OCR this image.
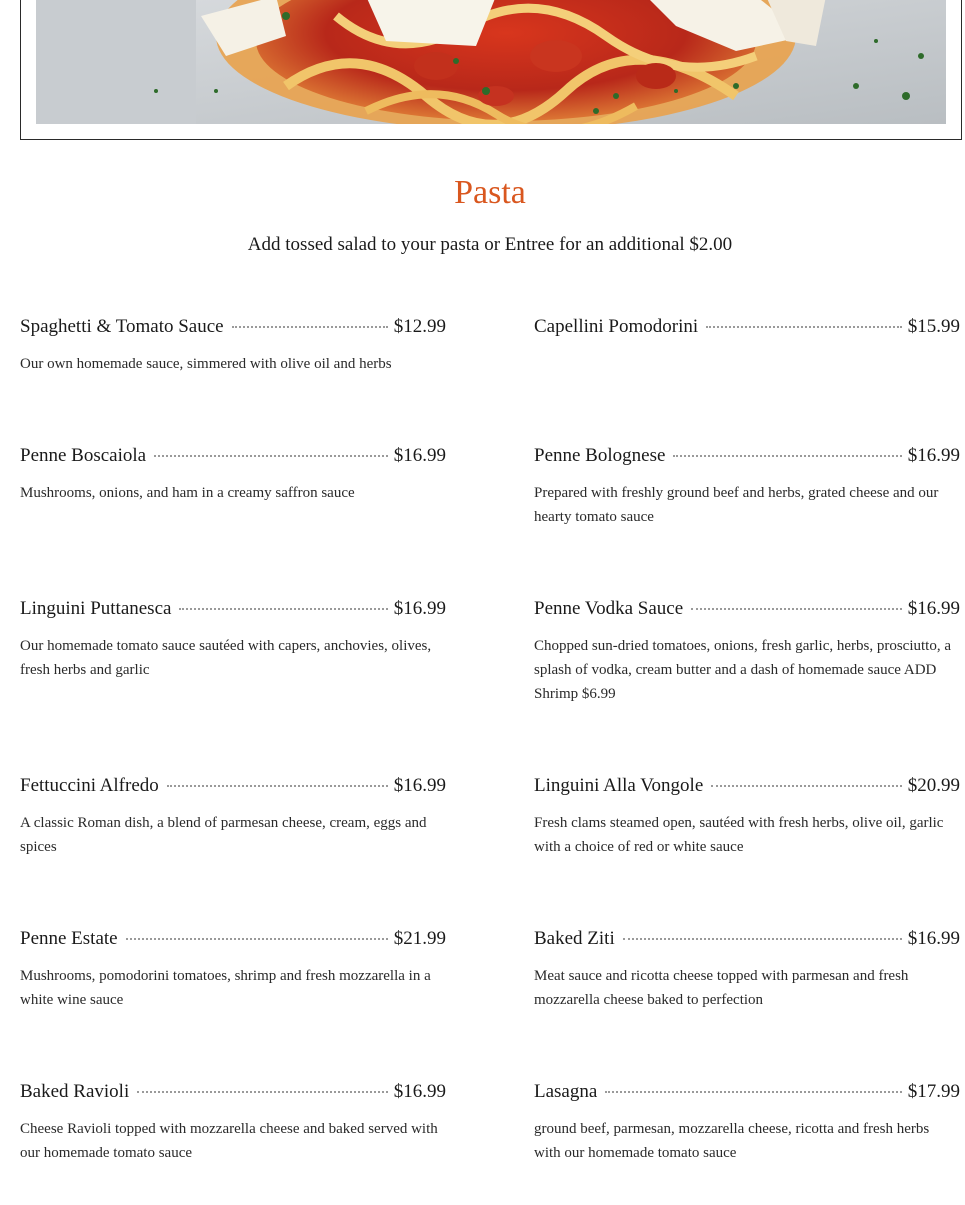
Pasta

Add tossed salad to your pasta or Entree for an additional $2.00

Spaghetti & Tomato Sauce	$12.99

Our own homemade sauce, simmered with olive oil and herbs

Capellini Pomodorini	$15.99

Penne Boscaiola	$16.99

Mushrooms, onions, and ham in a creamy saffron sauce

Penne Bolognese	$16.99

Prepared with freshly ground beef and herbs, grated cheese and our hearty tomato sauce

Linguini Puttanesca	$16.99

Our homemade tomato sauce sautéed with capers, anchovies, olives, fresh herbs and garlic

Penne Vodka Sauce	$16.99

Chopped sun-dried tomatoes, onions, fresh garlic, herbs, prosciutto, a splash of vodka, cream butter and a dash of homemade sauce ADD Shrimp $6.99

Fettuccini Alfredo	$16.99

A classic Roman dish, a blend of parmesan cheese, cream, eggs and spices

Linguini Alla Vongole	$20.99

Fresh clams steamed open, sautéed with fresh herbs, olive oil, garlic with a choice of red or white sauce

Penne Estate	$21.99

Mushrooms, pomodorini tomatoes, shrimp and fresh mozzarella in a white wine sauce

Baked Ziti	$16.99

Meat sauce and ricotta cheese topped with parmesan and fresh mozzarella cheese baked to perfection

Baked Ravioli	$16.99

Cheese Ravioli topped with mozzarella cheese and baked served with our homemade tomato sauce

Lasagna	$17.99

ground beef, parmesan, mozzarella cheese, ricotta and fresh herbs with our homemade tomato sauce
